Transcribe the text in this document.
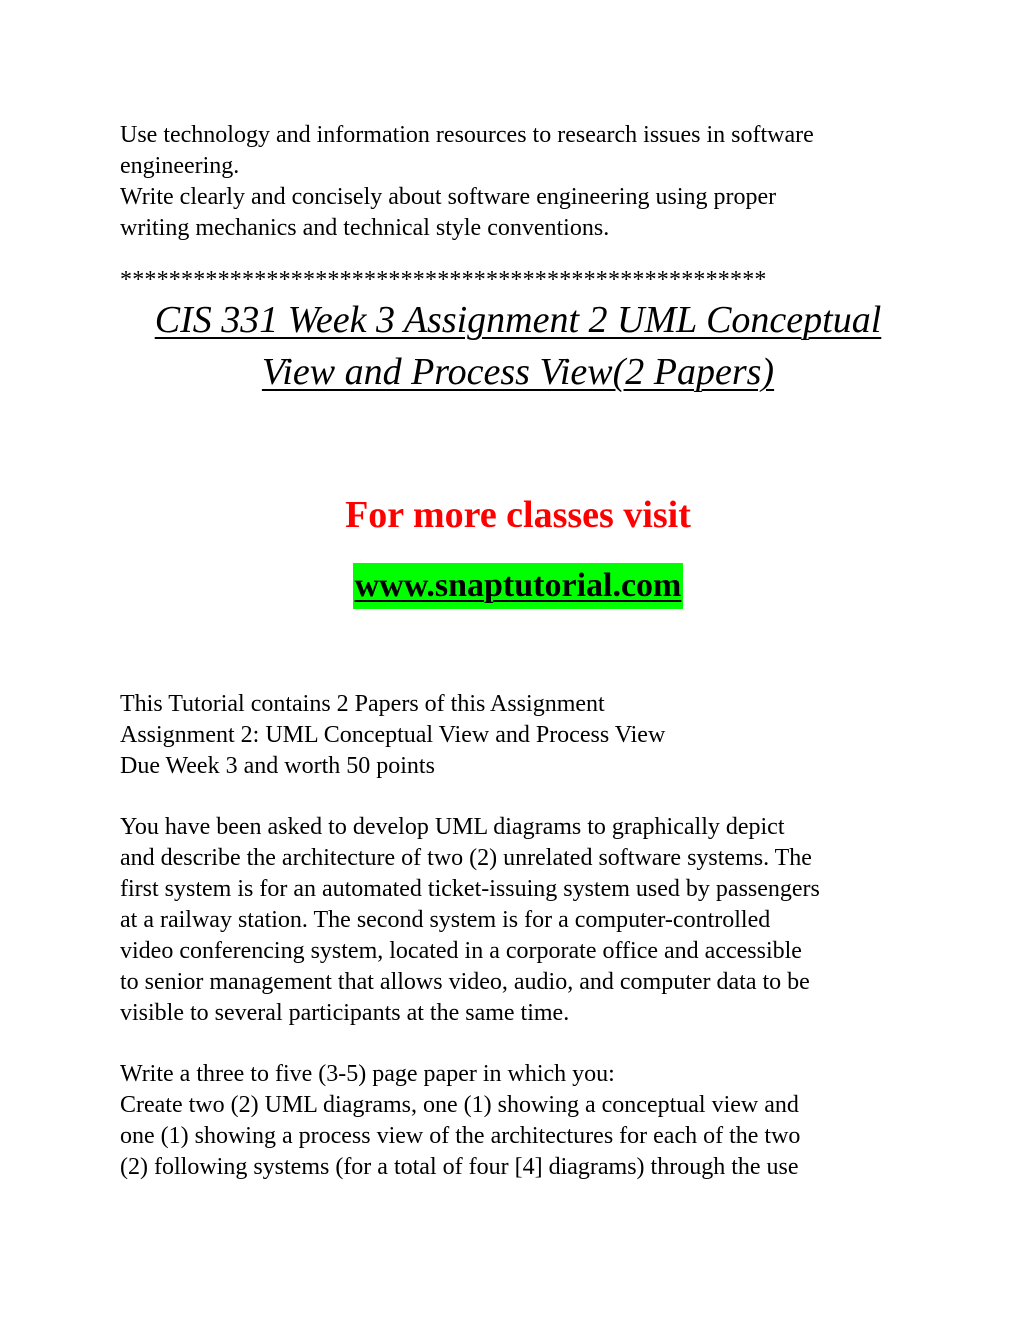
Use technology and information resources to research issues in software
engineering.
Write clearly and concisely about software engineering using proper
writing mechanics and technical style conventions.
*****************************************************
CIS 331 Week 3 Assignment 2 UML Conceptual
View and Process View(2 Papers)
For more classes visit
www.snaptutorial.com
This Tutorial contains 2 Papers of this Assignment
Assignment 2: UML Conceptual View and Process View
Due Week 3 and worth 50 points
You have been asked to develop UML diagrams to graphically depict
and describe the architecture of two (2) unrelated software systems. The
first system is for an automated ticket-issuing system used by passengers
at a railway station. The second system is for a computer-controlled
video conferencing system, located in a corporate office and accessible
to senior management that allows video, audio, and computer data to be
visible to several participants at the same time.
Write a three to five (3-5) page paper in which you:
Create two (2) UML diagrams, one (1) showing a conceptual view and
one (1) showing a process view of the architectures for each of the two
(2) following systems (for a total of four [4] diagrams) through the use
